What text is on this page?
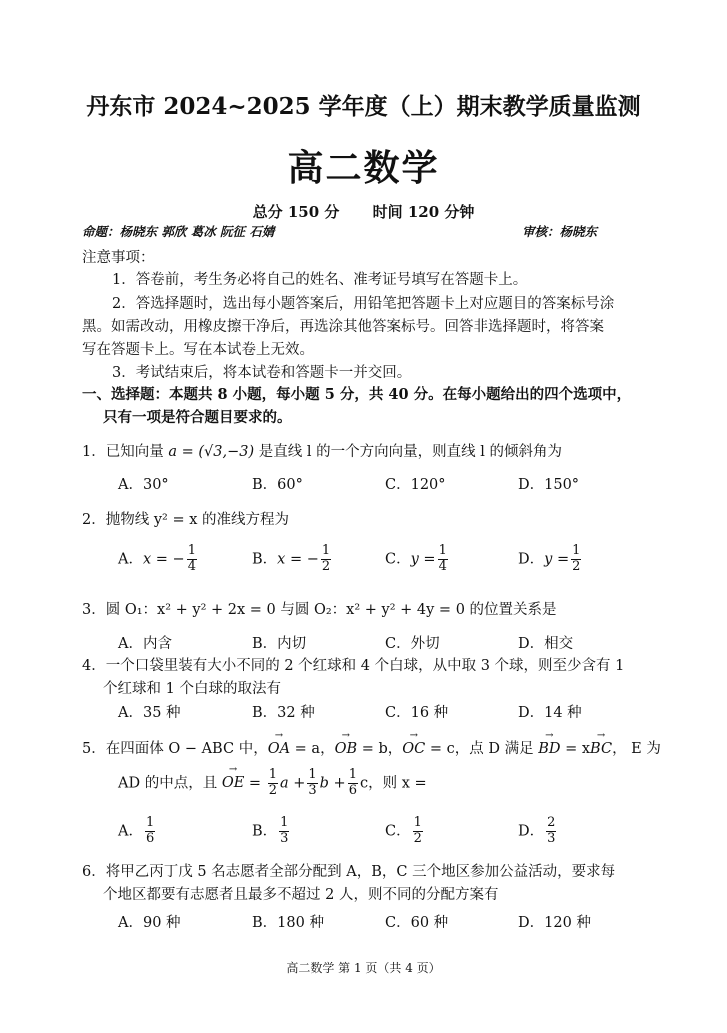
丹东市 2024~2025 学年度（上）期末教学质量监测
高二数学
总分 150 分 时间 120 分钟
命题：杨晓东 郭欣 葛冰 阮征 石婧	审核：杨晓东
注意事项：
1．答卷前，考生务必将自己的姓名、准考证号填写在答题卡上。
2．答选择题时，选出每小题答案后，用铅笔把答题卡上对应题目的答案标号涂
黑。如需改动，用橡皮擦干净后，再选涂其他答案标号。回答非选择题时，将答案
写在答题卡上。写在本试卷上无效。
3．考试结束后，将本试卷和答题卡一并交回。
一、选择题：本题共 8 小题，每小题 5 分，共 40 分。在每小题给出的四个选项中，
只有一项是符合题目要求的。
1．已知向量 a = (√3,−3) 是直线 l 的一个方向向量，则直线 l 的倾斜角为
A．30°	B．60°	C．120°	D．150°
2．抛物线 y² = x 的准线方程为
A．x = − $\frac{1}{4}$	B．x = − $\frac{1}{2}$	C．$y = \frac{1}{4}$	D．$y = \frac{1}{2}$
3．圆 O₁：x² + y² + 2x = 0 与圆 O₂：x² + y² + 4y = 0 的位置关系是
A．内含	B．内切	C．外切	D．相交
4．一个口袋里装有大小不同的 2 个红球和 4 个白球，从中取 3 个球，则至少含有 1
个红球和 1 个白球的取法有
A．35 种	B．32 种	C．16 种	D．14 种
5．在四面体 O − ABC 中，→ OA = a，→ OB = b，→ OC = c，点 D 满足 → BD = x→ BC， E 为
AD 的中点，且 → OE = $\frac{1}{2}$ $a + \frac{1}{3}$ $b + \frac{1}{6}$ c，则 x =
A． $\frac{1}{6}$	B． $\frac{1}{3}$	C． $\frac{1}{2}$	D． $\frac{2}{3}$
6．将甲乙丙丁戊 5 名志愿者全部分配到 A，B，C 三个地区参加公益活动，要求每
个地区都要有志愿者且最多不超过 2 人，则不同的分配方案有
A．90 种	B．180 种	C．60 种	D．120 种
高二数学 第 1 页（共 4 页）
